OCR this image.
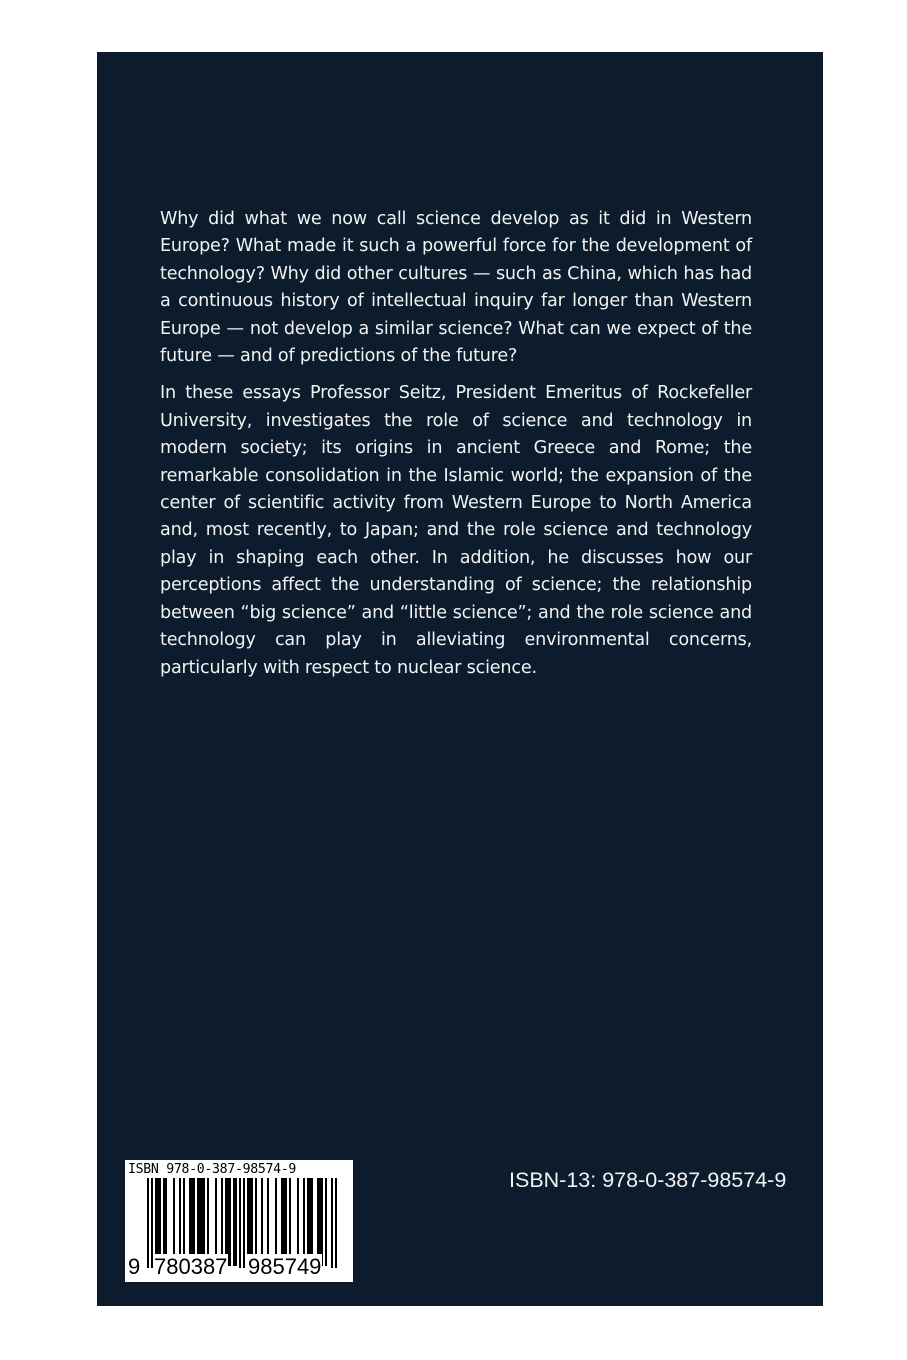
Why did what we now call science develop as it did in Western Europe? What made it such a powerful force for the development of technology? Why did other cultures — such as China, which has had a continuous history of intellectual inquiry far longer than Western Europe — not develop a similar science? What can we expect of the future — and of predictions of the future?

In these essays Professor Seitz, President Emeritus of Rockefeller University, investigates the role of science and technology in modern society; its origins in ancient Greece and Rome; the remarkable consolidation in the Islamic world; the expansion of the center of scientific activity from Western Europe to North America and, most recently, to Japan; and the role science and technology play in shaping each other. In addition, he discusses how our perceptions affect the understanding of science; the relationship between “big science” and “little science”; and the role science and technology can play in alleviating environmental concerns, particularly with respect to nuclear science.

ISBN 978-0-387-98574-9
9 780387 985749
ISBN-13: 978-0-387-98574-9
